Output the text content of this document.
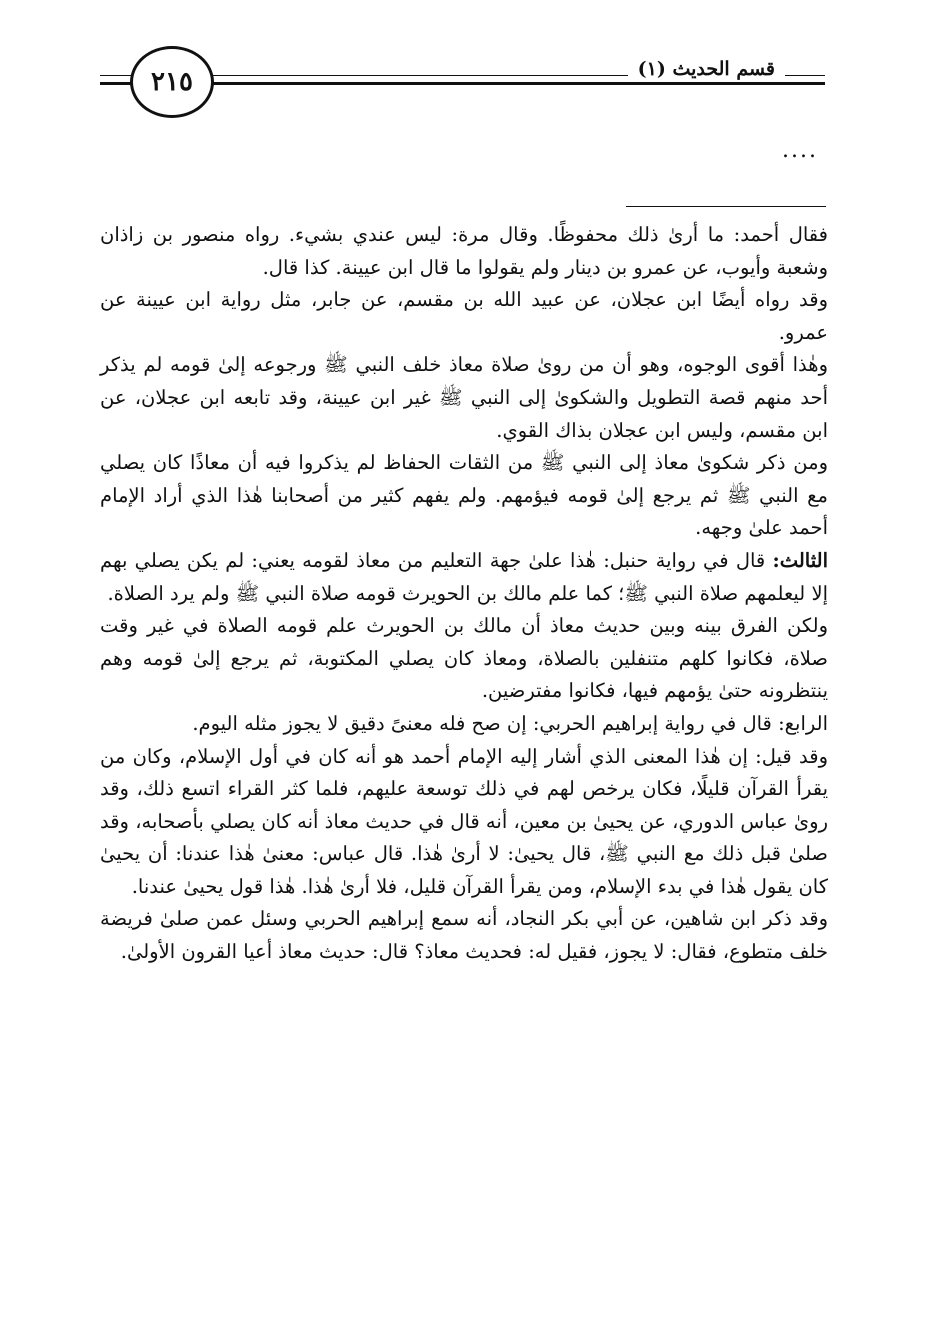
٢١٥	قسم الحديث (١)
....

فقال أحمد: ما أرىٰ ذلك محفوظًا. وقال مرة: ليس عندي بشيء. رواه منصور بن زاذان وشعبة وأيوب، عن عمرو بن دينار ولم يقولوا ما قال ابن عيينة. كذا قال.

وقد رواه أيضًا ابن عجلان، عن عبيد الله بن مقسم، عن جابر، مثل رواية ابن عيينة عن عمرو.

وهٰذا أقوى الوجوه، وهو أن من روىٰ صلاة معاذ خلف النبي ﷺ ورجوعه إلىٰ قومه لم يذكر أحد منهم قصة التطويل والشكوىٰ إلى النبي ﷺ غير ابن عيينة، وقد تابعه ابن عجلان، عن ابن مقسم، وليس ابن عجلان بذاك القوي.

ومن ذكر شكوىٰ معاذ إلى النبي ﷺ من الثقات الحفاظ لم يذكروا فيه أن معاذًا كان يصلي مع النبي ﷺ ثم يرجع إلىٰ قومه فيؤمهم. ولم يفهم كثير من أصحابنا هٰذا الذي أراد الإمام أحمد علىٰ وجهه.

الثالث: قال في رواية حنبل: هٰذا علىٰ جهة التعليم من معاذ لقومه يعني: لم يكن يصلي بهم إلا ليعلمهم صلاة النبي ﷺ؛ كما علم مالك بن الحويرث قومه صلاة النبي ﷺ ولم يرد الصلاة.

ولكن الفرق بينه وبين حديث معاذ أن مالك بن الحويرث علم قومه الصلاة في غير وقت صلاة، فكانوا كلهم متنفلين بالصلاة، ومعاذ كان يصلي المكتوبة، ثم يرجع إلىٰ قومه وهم ينتظرونه حتىٰ يؤمهم فيها، فكانوا مفترضين.

الرابع: قال في رواية إبراهيم الحربي: إن صح فله معنىً دقيق لا يجوز مثله اليوم.

وقد قيل: إن هٰذا المعنى الذي أشار إليه الإمام أحمد هو أنه كان في أول الإسلام، وكان من يقرأ القرآن قليلًا، فكان يرخص لهم في ذلك توسعة عليهم، فلما كثر القراء اتسع ذلك، وقد روىٰ عباس الدوري، عن يحيىٰ بن معين، أنه قال في حديث معاذ أنه كان يصلي بأصحابه، وقد صلىٰ قبل ذلك مع النبي ﷺ، قال يحيىٰ: لا أرىٰ هٰذا. قال عباس: معنىٰ هٰذا عندنا: أن يحيىٰ كان يقول هٰذا في بدء الإسلام، ومن يقرأ القرآن قليل، فلا أرىٰ هٰذا. هٰذا قول يحيىٰ عندنا.

وقد ذكر ابن شاهين، عن أبي بكر النجاد، أنه سمع إبراهيم الحربي وسئل عمن صلىٰ فريضة خلف متطوع، فقال: لا يجوز، فقيل له: فحديث معاذ؟ قال: حديث معاذ أعيا القرون الأولىٰ.
